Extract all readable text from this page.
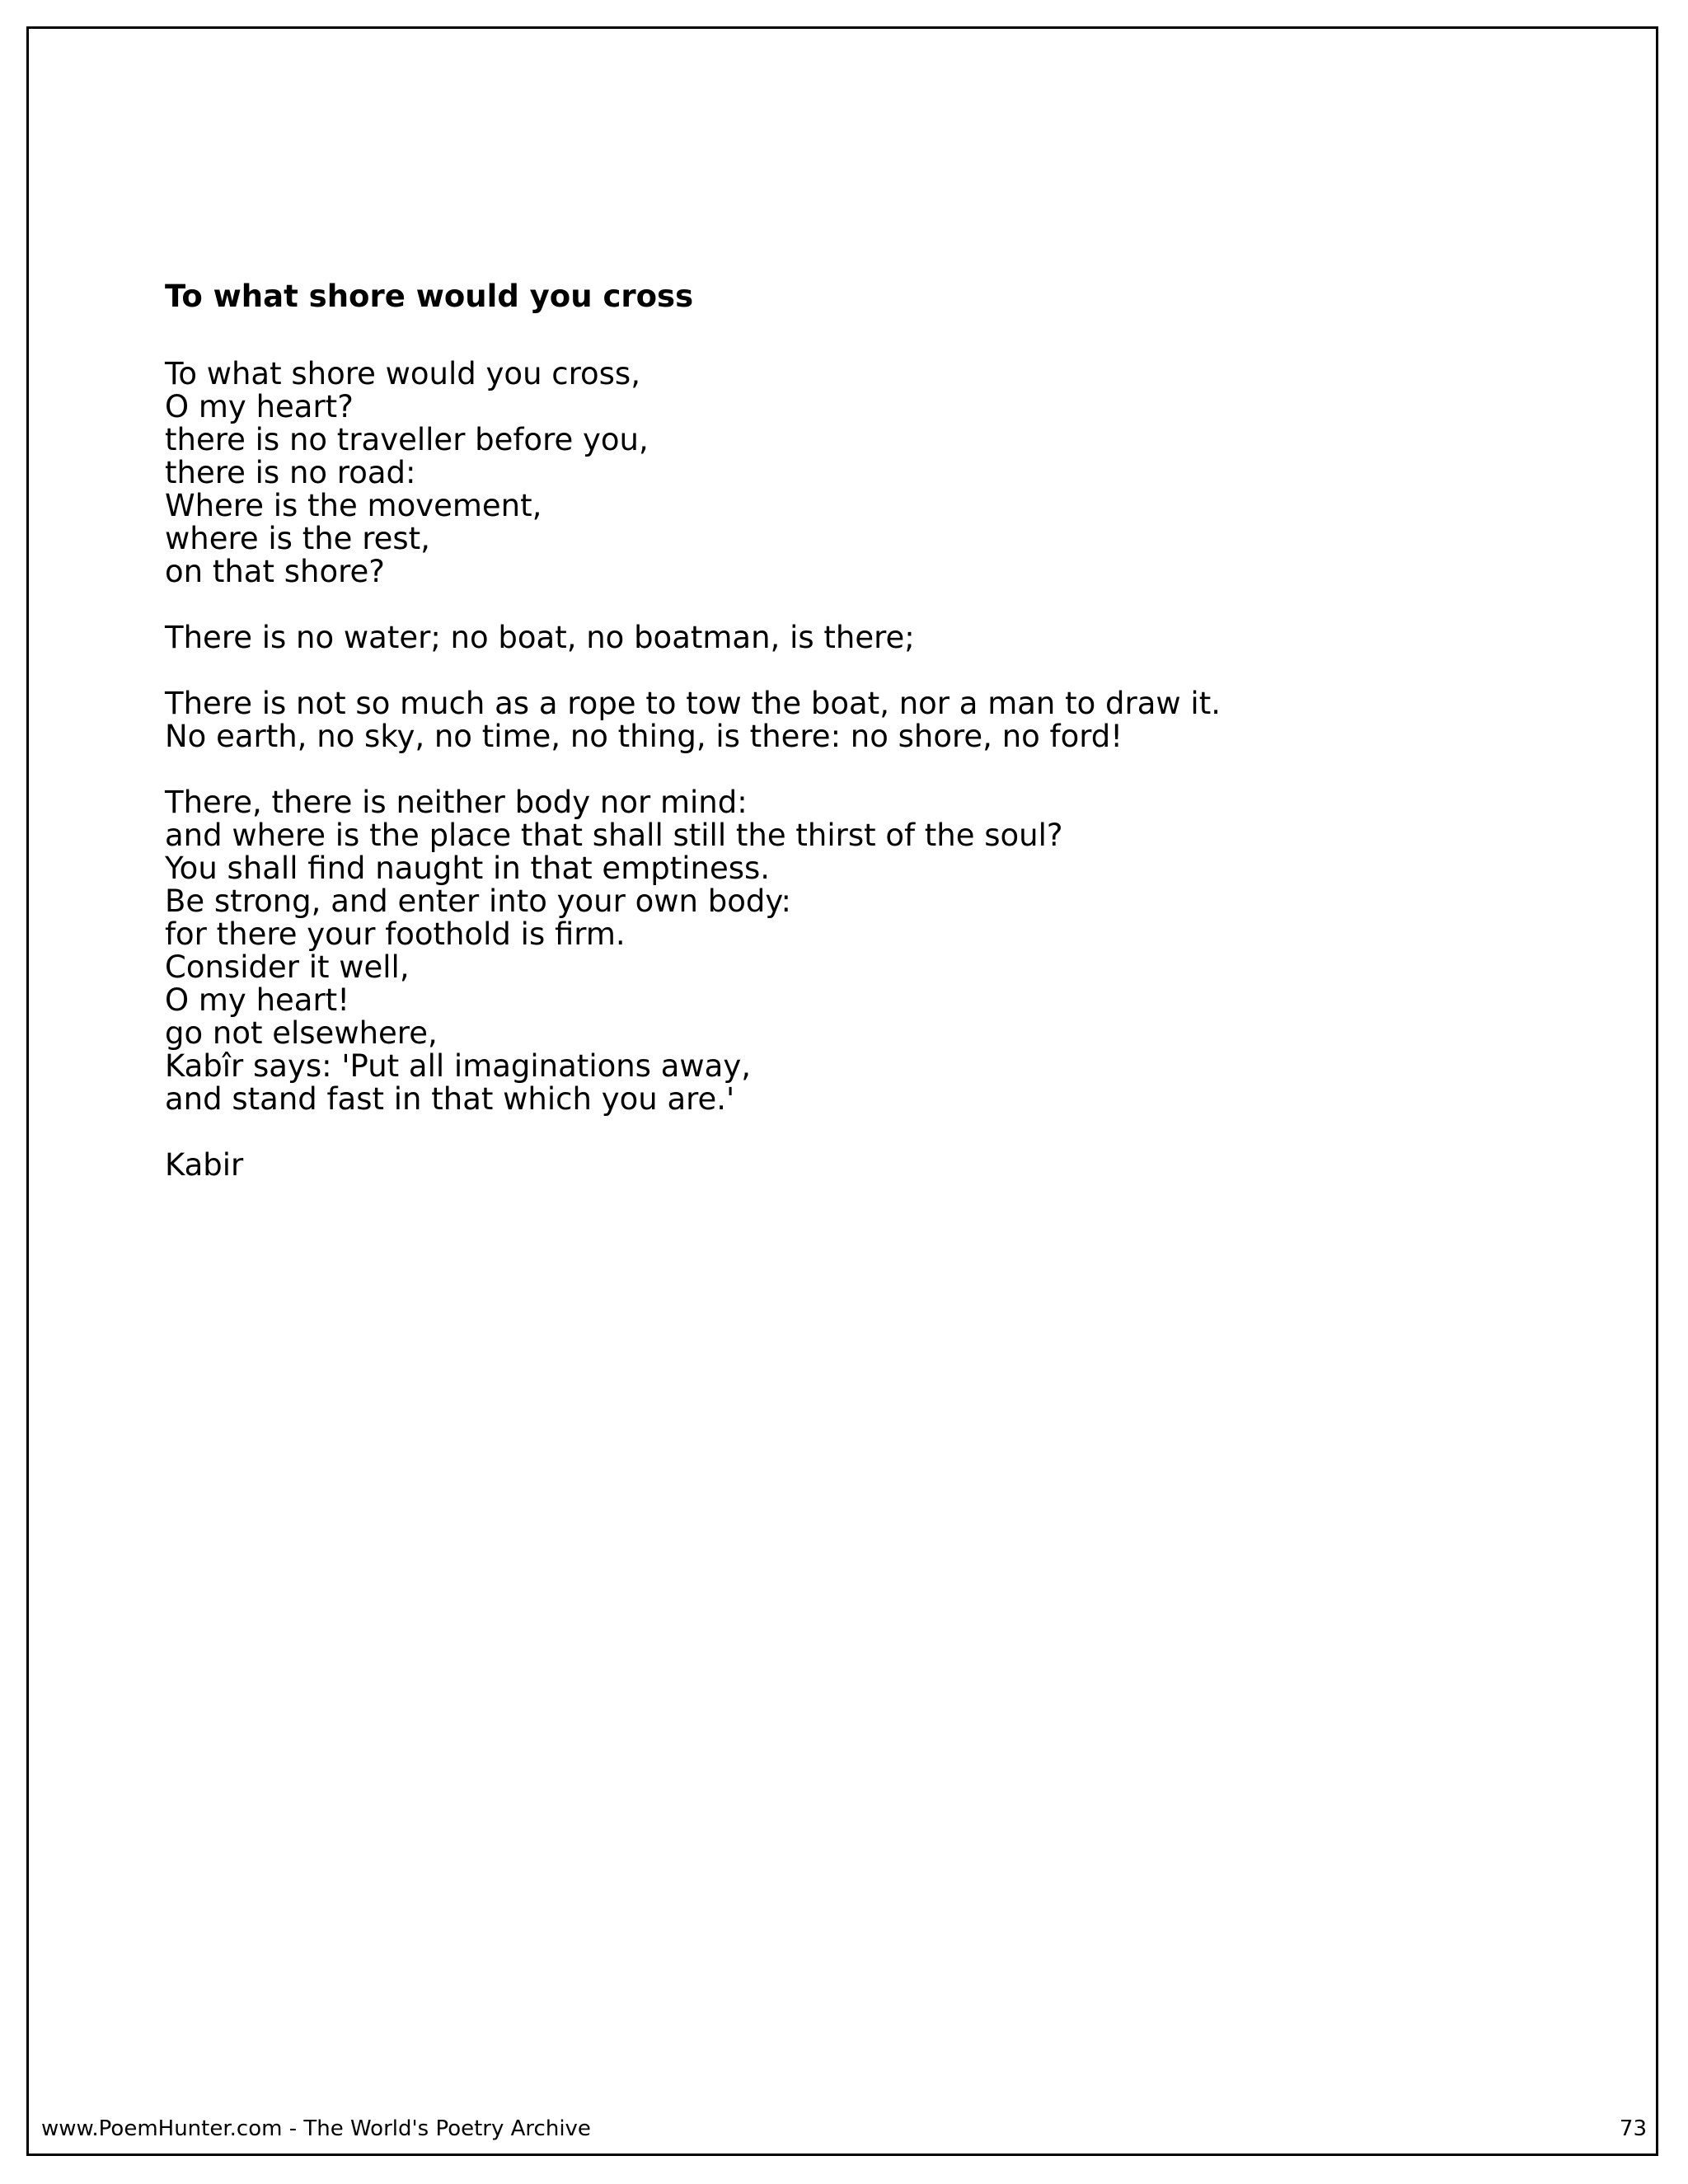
To what shore would you cross
To what shore would you cross,
O my heart?
there is no traveller before you,
there is no road:
Where is the movement,
where is the rest,
on that shore?
There is no water; no boat, no boatman, is there;
There is not so much as a rope to tow the boat, nor a man to draw it.
No earth, no sky, no time, no thing, is there: no shore, no ford!
There, there is neither body nor mind:
and where is the place that shall still the thirst of the soul?
You shall find naught in that emptiness.
Be strong, and enter into your own body:
for there your foothold is firm.
Consider it well,
O my heart!
go not elsewhere,
Kabîr says: 'Put all imaginations away,
and stand fast in that which you are.'
Kabir
www.PoemHunter.com - The World's Poetry Archive	73
